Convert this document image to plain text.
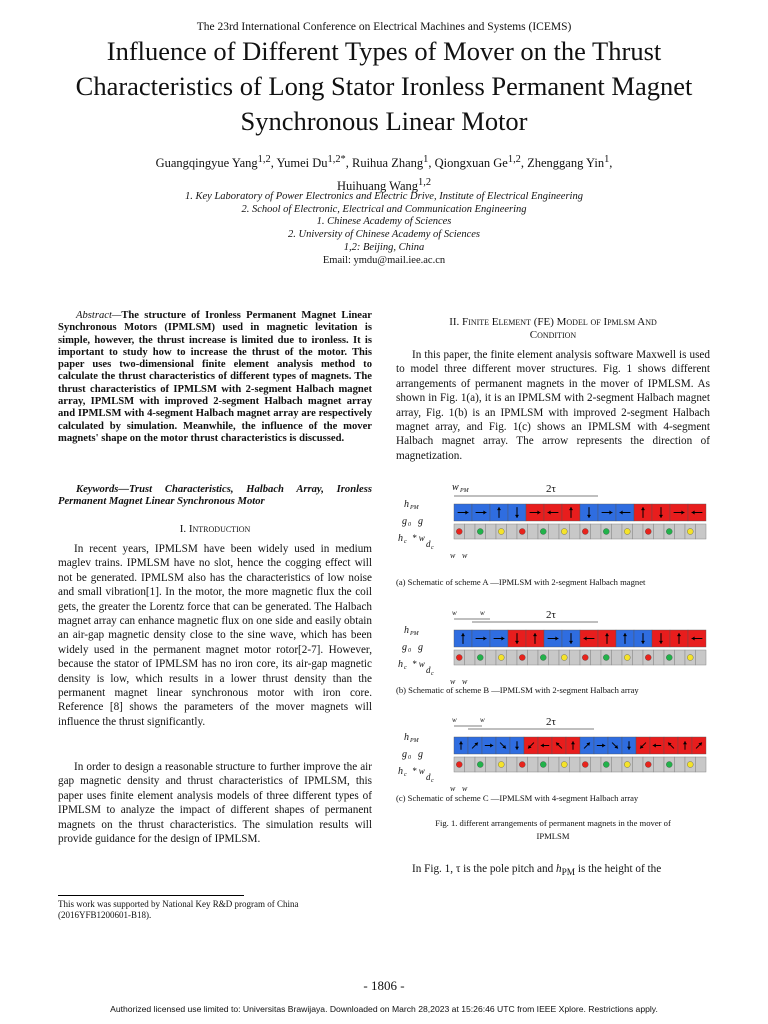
The 23rd International Conference on Electrical Machines and Systems (ICEMS)
Influence of Different Types of Mover on the Thrust Characteristics of Long Stator Ironless Permanent Magnet Synchronous Linear Motor
Guangqingyue Yang$^{1,2}$, Yumei $Du^{1,2*}$, Ruihua Zhang$^1$, Qiongxuan Ge$^{1,2}$, Zhenggang Yin$^1$,
Huihuang Wang$^{1,2}$
1. Key Laboratory of Power Electronics and Electric Drive, Institute of Electrical Engineering
2. School of Electronic, Electrical and Communication Engineering
1. Chinese Academy of Sciences
2. University of Chinese Academy of Sciences
1,2: Beijing, China
Email: ymdu@mail.iee.ac.cn
Abstract—The structure of Ironless Permanent Magnet Linear Synchronous Motors (IPMLSM) used in magnetic levitation is simple, however, the thrust increase is limited due to ironless. It is important to study how to increase the thrust of the motor. This paper uses two-dimensional finite element analysis method to calculate the thrust characteristics of different types of magnets. The thrust characteristics of IPMLSM with 2-segment Halbach magnet array, IPMLSM with improved 2-segment Halbach magnet array and IPMLSM with 4-segment Halbach magnet array are respectively calculated by simulation. Meanwhile, the influence of the mover magnets' shape on the motor thrust characteristics is discussed.
Keywords—Trust Characteristics, Halbach Array, Ironless Permanent Magnet Linear Synchronous Motor
I. Introduction
In recent years, IPMLSM have been widely used in medium maglev trains. IPMLSM have no slot, hence the cogging effect will not be generated. IPMLSM also has the characteristics of low noise and small vibration[1]. In the motor, the more magnetic flux the coil gets, the greater the Lorentz force that can be generated. The Halbach magnet array can enhance magnetic flux on one side and easily obtain an air-gap magnetic density close to the sine wave, which has been widely used in the permanent magnet motor rotor[2-7]. However, because the stator of IPMLSM has no iron core, its air-gap magnetic density is low, which results in a lower thrust density than the permanent magnet linear synchronous motor with iron core. Reference [8] shows the parameters of the mover magnets will influence the thrust significantly.
In order to design a reasonable structure to further improve the air gap magnetic density and thrust characteristics of IPMLSM, this paper uses finite element analysis models of three different types of IPMLSM to analyze the impact of different shapes of permanent magnets on the thrust characteristics. The simulation results will provide guidance for the design of IPMLSM.
This work was supported by National Key R&D program of China (2016YFB1200601-B18).
II. Finite Element (FE) Model of Ipmlsm And
Condition
In this paper, the finite element analysis software Maxwell is used to model three different mover structures. Fig. 1 shows different arrangements of permanent magnets in the mover of IPMLSM. As shown in Fig. 1(a), it is an IPMLSM with 2-segment Halbach magnet array, Fig. 1(b) is an IPMLSM with improved 2-segment Halbach magnet array, and Fig. 1(c) shows an IPMLSM with 4-segment Halbach magnet array. The arrow represents the direction of magnetization.
h PM
g 0 g
h c * w
d c
w w
w PM	2τ
h PM
g 0 g
h c * w
d c
w w
w	w	2τ
h PM
g 0 g
h c * w
d c
w w
w	w	2τ
(a) Schematic of scheme A —IPMLSM with 2-segment Halbach magnet
(b) Schematic of scheme B —IPMLSM with 2-segment Halbach array
(c) Schematic of scheme C —IPMLSM with 4-segment Halbach array
Fig. 1. different arrangements of permanent magnets in the mover of
IPMLSM
In Fig. 1, τ is the pole pitch and $h_{PM}$ is the height of the
- 1806 -
Authorized licensed use limited to: Universitas Brawijaya. Downloaded on March 28,2023 at 15:26:46 UTC from IEEE Xplore. Restrictions apply.
